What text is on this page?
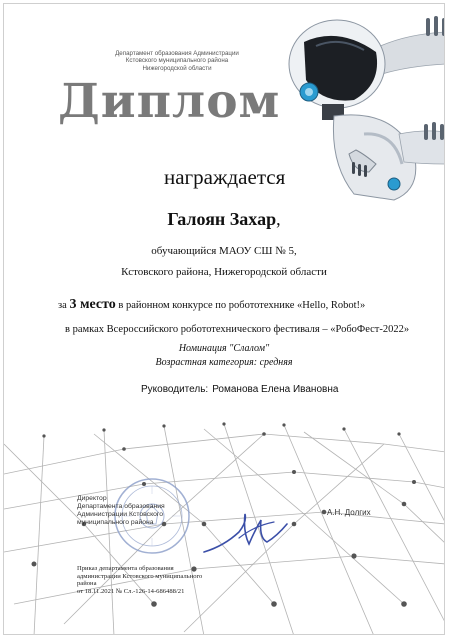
Департамент образования Администрации
Кстовского муниципального района
Нижегородской области
Диплом
награждается
Галоян Захар,
обучающийся МАОУ СШ № 5,
Кстовского района, Нижегородской области
за 3 место в районном конкурсе по робототехнике «Hello, Robot!»
в рамках Всероссийского робототехнического фестиваля – «РобоФест-2022»
Номинация "Слалом"
Возрастная категория: средняя
Руководитель: Романова Елена Ивановна
Директор
Департамента образования
Администрации Кстовского
муниципального района
А.Н. Долгих
Приказ департамента образования
администрации Кстовского муниципального
района
от 18.11.2021 № Сл.-126-14-686488/21
